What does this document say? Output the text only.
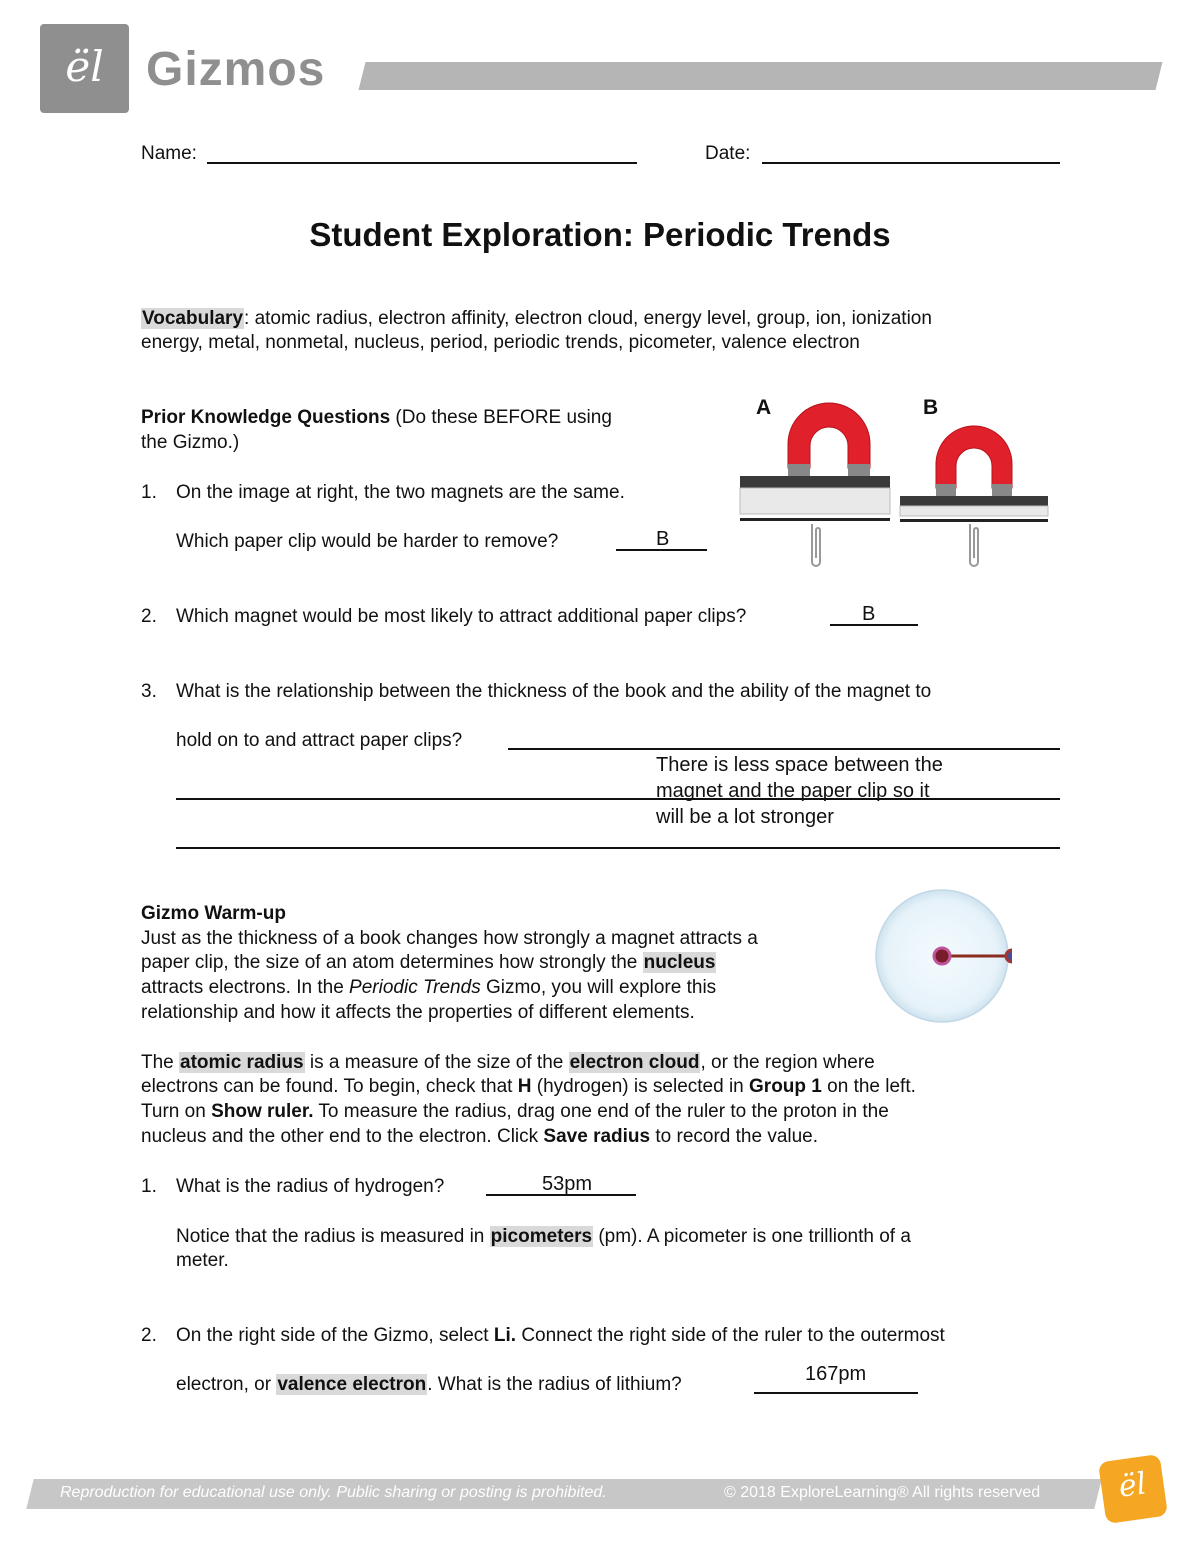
ël Gizmos
Name:	Date:
Student Exploration: Periodic Trends
Vocabulary: atomic radius, electron affinity, electron cloud, energy level, group, ion, ionization
energy, metal, nonmetal, nucleus, period, periodic trends, picometer, valence electron
Prior Knowledge Questions (Do these BEFORE using
the Gizmo.)
1. On the image at right, the two magnets are the same.
Which paper clip would be harder to remove?	B
A	B
2. Which magnet would be most likely to attract additional paper clips?	B
3. What is the relationship between the thickness of the book and the ability of the magnet to
hold on to and attract paper clips?
There is less space between the
magnet and the paper clip so it
will be a lot stronger
Gizmo Warm-up
Just as the thickness of a book changes how strongly a magnet attracts a
paper clip, the size of an atom determines how strongly the nucleus
attracts electrons. In the Periodic Trends Gizmo, you will explore this
relationship and how it affects the properties of different elements.
The atomic radius is a measure of the size of the electron cloud, or the region where
electrons can be found. To begin, check that H (hydrogen) is selected in Group 1 on the left.
Turn on Show ruler. To measure the radius, drag one end of the ruler to the proton in the
nucleus and the other end to the electron. Click Save radius to record the value.
1. What is the radius of hydrogen?	53pm
Notice that the radius is measured in picometers (pm). A picometer is one trillionth of a
meter.
2. On the right side of the Gizmo, select Li. Connect the right side of the ruler to the outermost
electron, or valence electron. What is the radius of lithium?	167pm
Reproduction for educational use only. Public sharing or posting is prohibited.	© 2018 ExploreLearning® All rights reserved	ël
